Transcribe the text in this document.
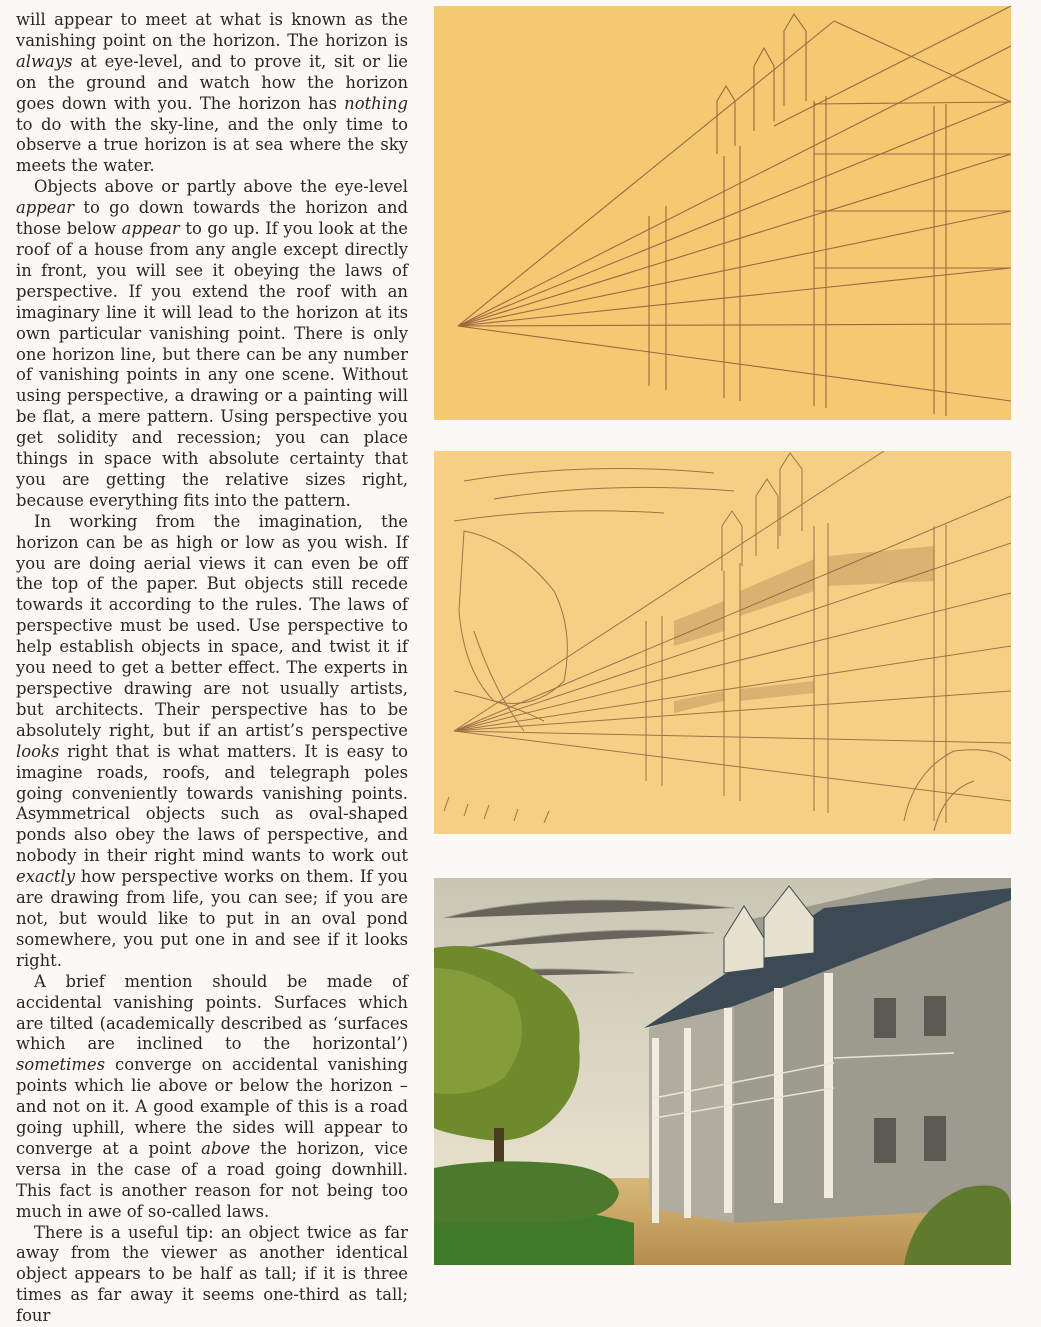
will appear to meet at what is known as the vanishing point on the horizon. The horizon is always at eye-level, and to prove it, sit or lie on the ground and watch how the horizon goes down with you. The horizon has nothing to do with the sky-line, and the only time to observe a true horizon is at sea where the sky meets the water.

Objects above or partly above the eye-level appear to go down towards the horizon and those below appear to go up. If you look at the roof of a house from any angle except directly in front, you will see it obeying the laws of perspective. If you extend the roof with an imaginary line it will lead to the horizon at its own particular vanishing point. There is only one horizon line, but there can be any number of vanishing points in any one scene. Without using perspective, a drawing or a painting will be flat, a mere pattern. Using perspective you get solidity and recession; you can place things in space with absolute certainty that you are getting the relative sizes right, because everything fits into the pattern.

In working from the imagination, the horizon can be as high or low as you wish. If you are doing aerial views it can even be off the top of the paper. But objects still recede towards it according to the rules. The laws of perspective must be used. Use perspective to help establish objects in space, and twist it if you need to get a better effect. The experts in perspective drawing are not usually artists, but architects. Their perspective has to be absolutely right, but if an artist’s perspective looks right that is what matters. It is easy to imagine roads, roofs, and telegraph poles going conveniently towards vanishing points. Asymmetrical objects such as oval-shaped ponds also obey the laws of perspective, and nobody in their right mind wants to work out exactly how perspective works on them. If you are drawing from life, you can see; if you are not, but would like to put in an oval pond somewhere, you put one in and see if it looks right.

A brief mention should be made of accidental vanishing points. Surfaces which are tilted (academically described as ‘surfaces which are inclined to the horizontal’) sometimes converge on accidental vanishing points which lie above or below the horizon – and not on it. A good example of this is a road going uphill, where the sides will appear to converge at a point above the horizon, vice versa in the case of a road going downhill. This fact is another reason for not being too much in awe of so-called laws.

There is a useful tip: an object twice as far away from the viewer as another identical object appears to be half as tall; if it is three times as far away it seems one-third as tall; four
